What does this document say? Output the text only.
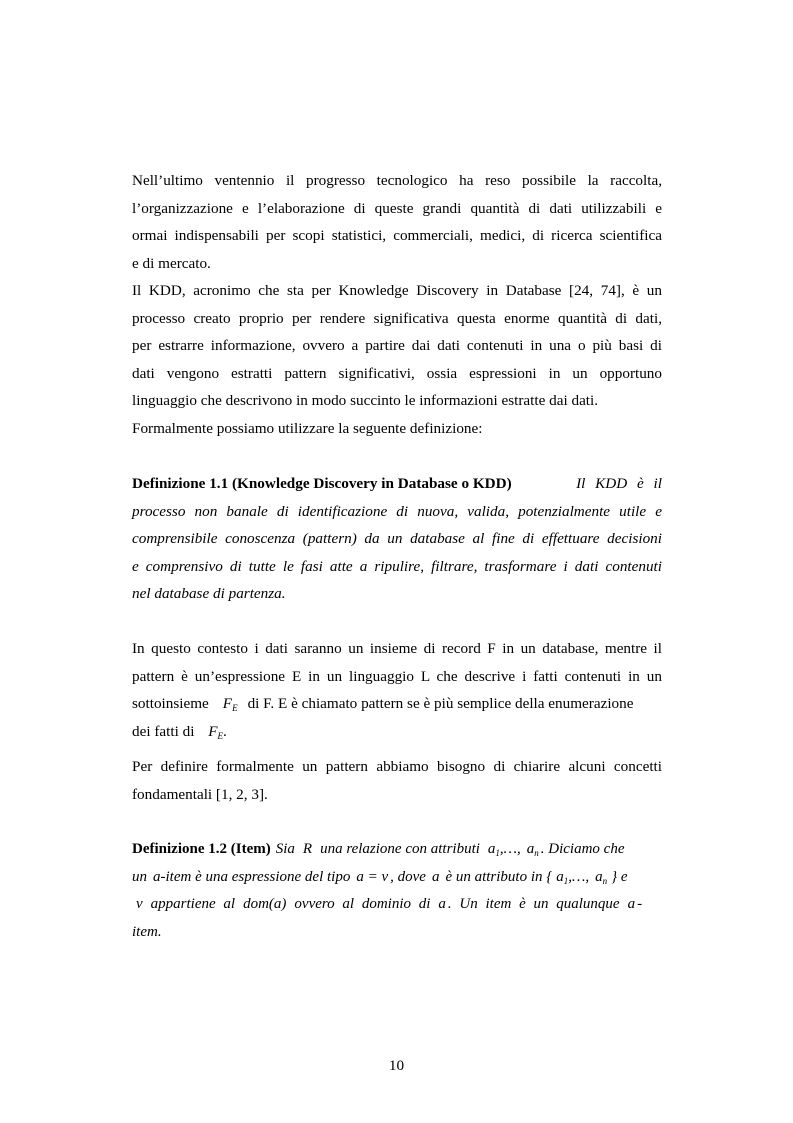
Nell’ultimo ventennio il progresso tecnologico ha reso possibile la raccolta,
l’organizzazione e l’elaborazione di queste grandi quantità di dati utilizzabili e
ormai indispensabili per scopi statistici, commerciali, medici, di ricerca scientifica
e di mercato.
Il KDD, acronimo che sta per Knowledge Discovery in Database [24, 74], è un
processo creato proprio per rendere significativa questa enorme quantità di dati,
per estrarre informazione, ovvero a partire dai dati contenuti in una o più basi di
dati vengono estratti pattern significativi, ossia espressioni in un opportuno
linguaggio che descrivono in modo succinto le informazioni estratte dai dati.
Formalmente possiamo utilizzare la seguente definizione:
Definizione 1.1 (Knowledge Discovery in Database o KDD)	Il KDD è il
processo non banale di identificazione di nuova, valida, potenzialmente utile e
comprensibile conoscenza (pattern) da un database al fine di effettuare decisioni
e comprensivo di tutte le fasi atte a ripulire, filtrare, trasformare i dati contenuti
nel database di partenza.
In questo contesto i dati saranno un insieme di record F in un database, mentre il
pattern è un’espressione E in un linguaggio L che descrive i fatti contenuti in un
sottoinsieme $F_E$ di F. E è chiamato pattern se è più semplice della enumerazione
dei fatti di $F_E$.
Per definire formalmente un pattern abbiamo bisogno di chiarire alcuni concetti
fondamentali [1, 2, 3].
Definizione 1.2 (Item) Sia R una relazione con attributi $a_1$ ,…, $a_n$ . Diciamo che
un a -item è una espressione del tipo a = v , dove a è un attributo in { $a_1$ ,…, $a_n$ } e
v appartiene al dom(a) ovvero al dominio di a . Un item è un qualunque a -
item.
10
